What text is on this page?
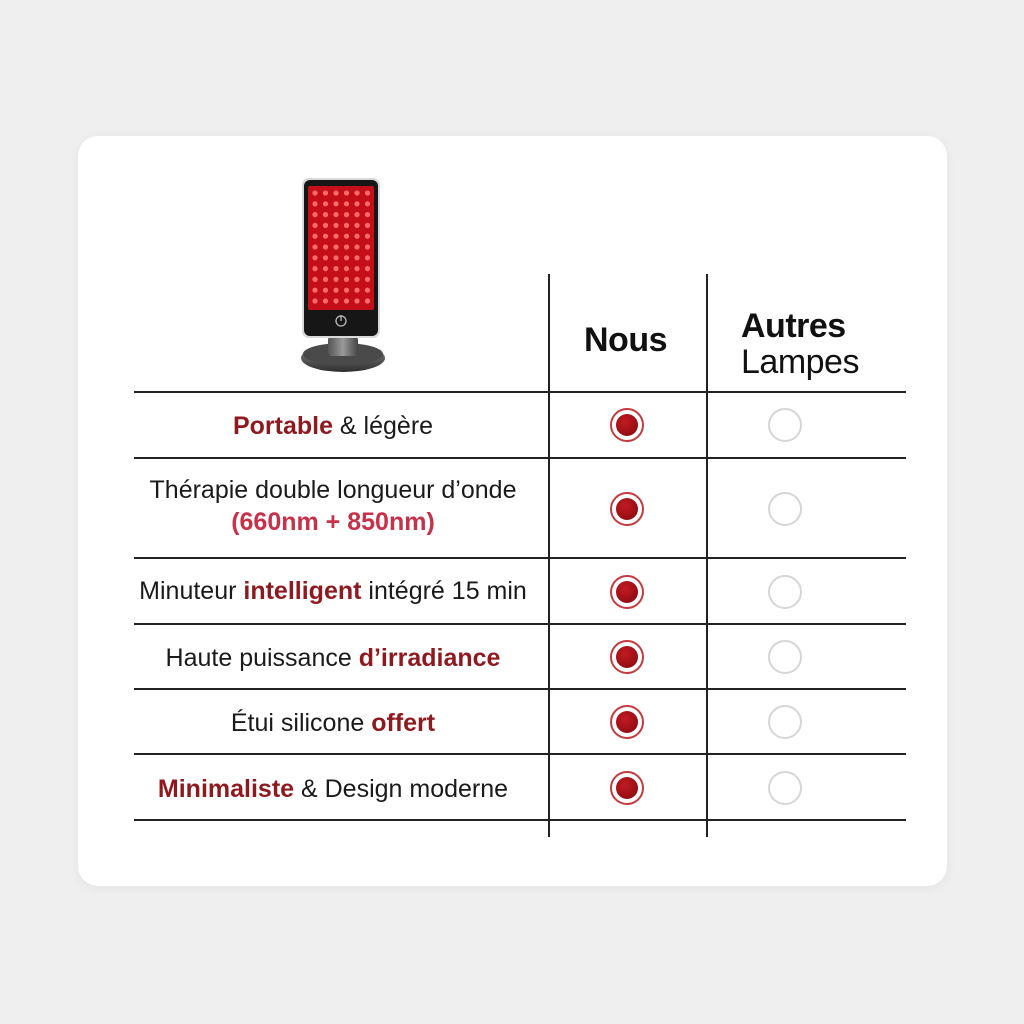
Nous Autres
Lampes
Portable & légère
Thérapie double longueur d’onde
(660nm + 850nm)
Minuteur intelligent intégré 15 min
Haute puissance d’irradiance
Étui silicone offert
Minimaliste & Design moderne
